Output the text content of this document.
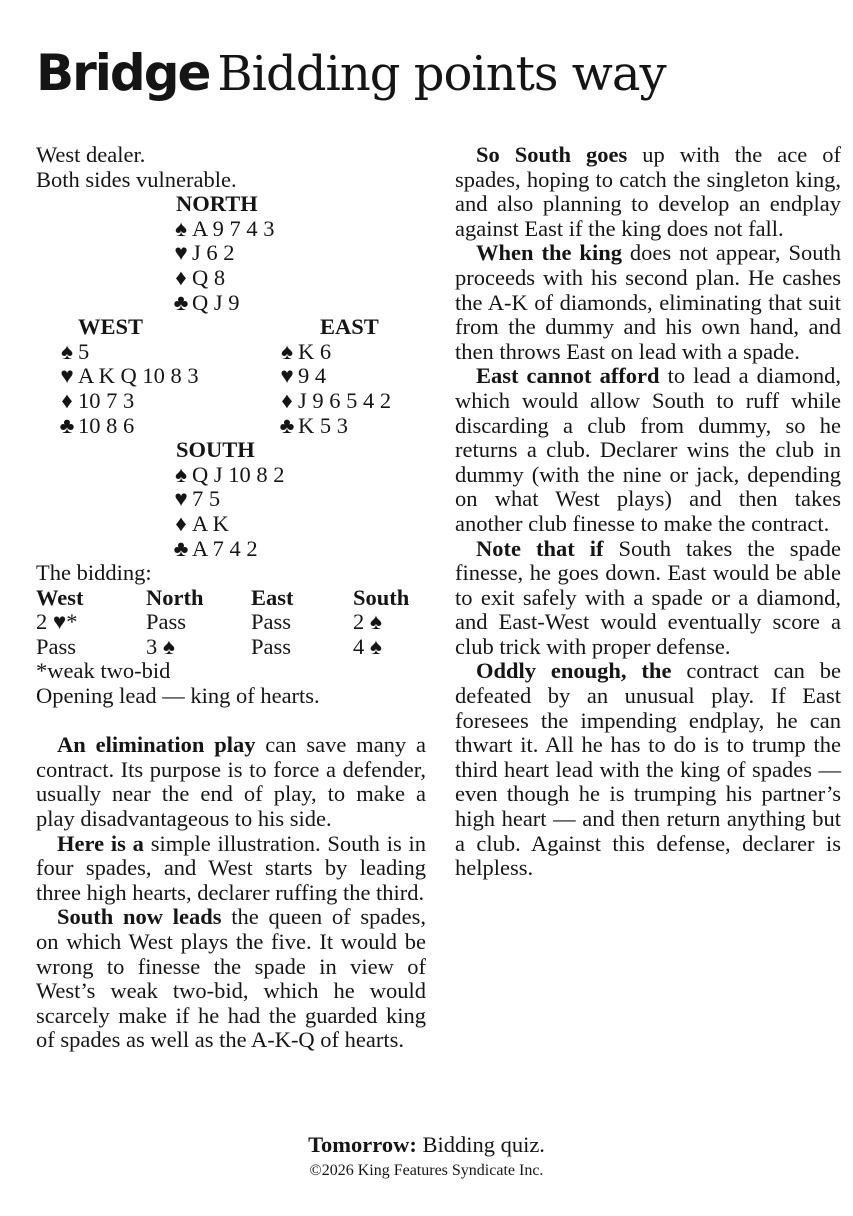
Bridge Bidding points way
West dealer.
Both sides vulnerable.
NORTH
♠ A 9 7 4 3
♥ J 6 2
♦ Q 8
♣ Q J 9
WEST	EAST
♠ 5	♠ K 6
♥ A K Q 10 8 3	♥ 9 4
♦ 10 7 3	♦ J 9 6 5 4 2
♣ 10 8 6	♣ K 5 3
SOUTH
♠ Q J 10 8 2
♥ 7 5
♦ A K
♣ A 7 4 2
The bidding:
West	North	East	South
2 ♥*	Pass	Pass	2 ♠
Pass	3 ♠	Pass	4 ♠
*weak two-bid
Opening lead — king of hearts.

An elimination play can save many a contract. Its purpose is to force a defender, usually near the end of play, to make a play disadvantageous to his side.

Here is a simple illustration. South is in four spades, and West starts by leading three high hearts, declarer ruffing the third.

South now leads the queen of spades, on which West plays the five. It would be wrong to finesse the spade in view of West’s weak two-bid, which he would scarcely make if he had the guarded king of spades as well as the A-K-Q of hearts.

So South goes up with the ace of spades, hoping to catch the singleton king, and also planning to develop an endplay against East if the king does not fall.

When the king does not appear, South proceeds with his second plan. He cashes the A-K of diamonds, eliminating that suit from the dummy and his own hand, and then throws East on lead with a spade.

East cannot afford to lead a diamond, which would allow South to ruff while discarding a club from dummy, so he returns a club. Declarer wins the club in dummy (with the nine or jack, depending on what West plays) and then takes another club finesse to make the contract.

Note that if South takes the spade finesse, he goes down. East would be able to exit safely with a spade or a diamond, and East-West would eventually score a club trick with proper defense.

Oddly enough, the contract can be defeated by an unusual play. If East foresees the impending endplay, he can thwart it. All he has to do is to trump the third heart lead with the king of spades — even though he is trumping his partner’s high heart — and then return anything but a club. Against this defense, declarer is helpless.

Tomorrow: Bidding quiz.
©2026 King Features Syndicate Inc.
